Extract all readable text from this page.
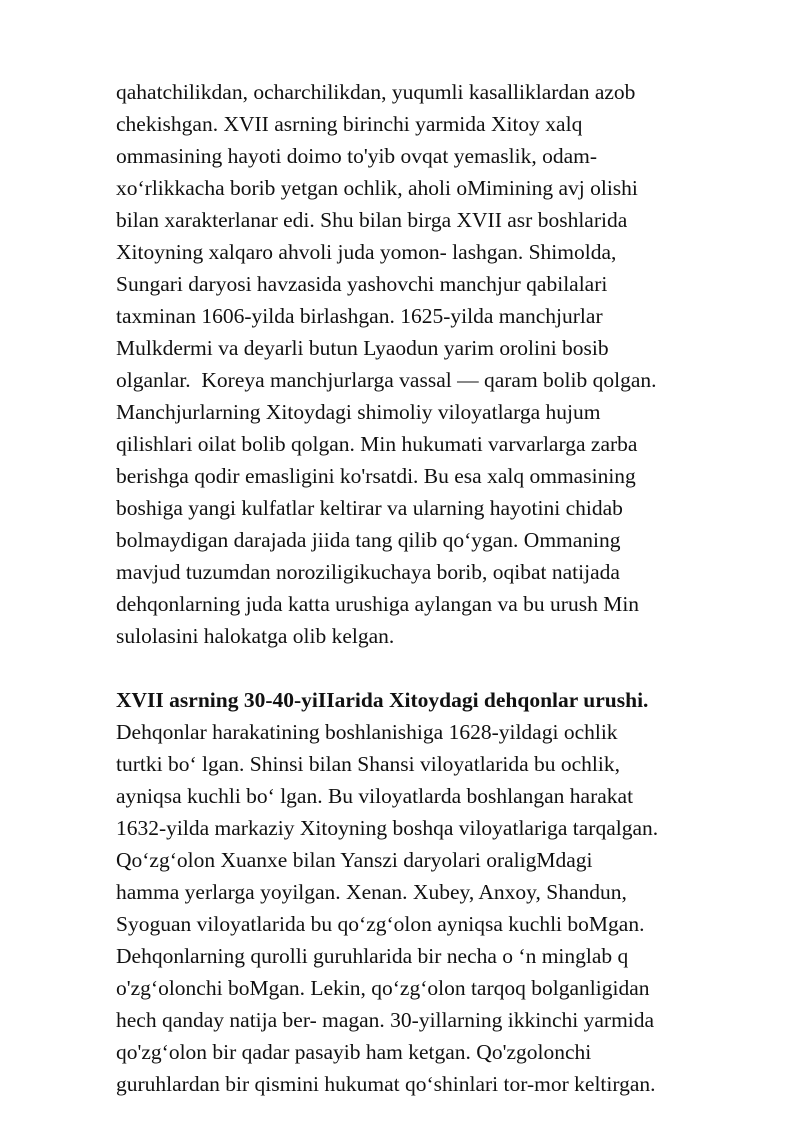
qahatchilikdan, ocharchilikdan, yuqumli kasalliklardan azob
chekishgan. XVII asrning birinchi yarmida Xitoy xalq
ommasining hayoti doimo to'yib ovqat yemaslik, odam-
xo‘rlikkacha borib yetgan ochlik, aholi oMimining avj olishi
bilan xarakterlanar edi. Shu bilan birga XVII asr boshlarida
Xitoyning xalqaro ahvoli juda yomon- lashgan. Shimolda,
Sungari daryosi havzasida yashovchi manchjur qabilalari
taxminan 1606-yilda birlashgan. 1625-yilda manchjurlar
Mulkdermi va deyarli butun Lyaodun yarim orolini bosib
olganlar.  Koreya manchjurlarga vassal — qaram bolib qolgan.
Manchjurlarning Xitoydagi shimoliy viloyatlarga hujum
qilishlari oilat bolib qolgan. Min hukumati varvarlarga zarba
berishga qodir emasligini ko'rsatdi. Bu esa xalq ommasining
boshiga yangi kulfatlar keltirar va ularning hayotini chidab
bolmaydigan darajada jiida tang qilib qo‘ygan. Ommaning
mavjud tuzumdan noroziligikuchaya borib, oqibat natijada
dehqonlarning juda katta urushiga aylangan va bu urush Min
sulolasini halokatga olib kelgan.
XVII asrning 30-40-yiIIarida Xitoydagi dehqonlar urushi.
Dehqonlar harakatining boshlanishiga 1628-yildagi ochlik
turtki bo‘ lgan. Shinsi bilan Shansi viloyatlarida bu ochlik,
ayniqsa kuchli bo‘ lgan. Bu viloyatlarda boshlangan harakat
1632-yilda markaziy Xitoyning boshqa viloyatlariga tarqalgan.
Qo‘zg‘olon Xuanxe bilan Yanszi daryolari oraligMdagi
hamma yerlarga yoyilgan. Xenan. Xubey, Anxoy, Shandun,
Syoguan viloyatlarida bu qo‘zg‘olon ayniqsa kuchli boMgan.
Dehqonlarning qurolli guruhlarida bir necha o ‘n minglab q
o'zg‘olonchi boMgan. Lekin, qo‘zg‘olon tarqoq bolganligidan
hech qanday natija ber- magan. 30-yillarning ikkinchi yarmida
qo'zg‘olon bir qadar pasayib ham ketgan. Qo'zgolonchi
guruhlardan bir qismini hukumat qo‘shinlari tor-mor keltirgan.
